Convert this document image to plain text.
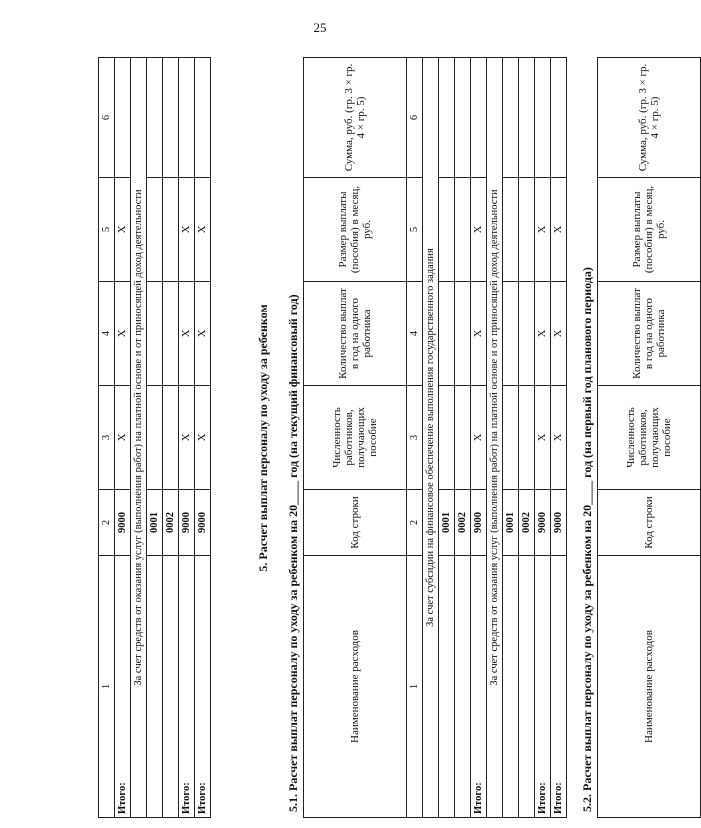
25
1	2	3	4	5	6
Итого:	9000	X	X	X	
За счет средств от оказания услуг (выполнения работ) на платной основе и от приносящей доход деятельности					
	0001				
	0002				
Итого:	9000	X	X	X	
Итого:	9000	X	X	X	
5. Расчет выплат персоналу по уходу за ребенком 5.1. Расчет выплат персоналу по уходу за ребенком на 20____ год (на текущий финансовый год)	Наименование расходов	Код строки	Численность работников, получающих пособие	Количество выплат в год на одного работника	Размер выплаты (пособия) в месяц, руб.	Сумма, руб. (гр. 3 × гр. 4 × гр. 5)
1	2	3	4	5	6
За счет субсидии на финансовое обеспечение выполнения государственного задания					
	0001				
	0002				
Итого:	9000	X	X	X	
За счет средств от оказания услуг (выполнения работ) на платной основе и от приносящей доход деятельности					
	0001				
	0002				
Итого:	9000	X	X	X	
Итого:	9000	X	X	X	
5.2. Расчет выплат персоналу по уходу за ребенком на 20____ год (на первый год планового периода)	Наименование расходов	Код строки	Численность работников, получающих пособие	Количество выплат в год на одного работника	Размер выплаты (пособия) в месяц, руб.	Сумма, руб. (гр. 3 × гр. 4 × гр. 5)
